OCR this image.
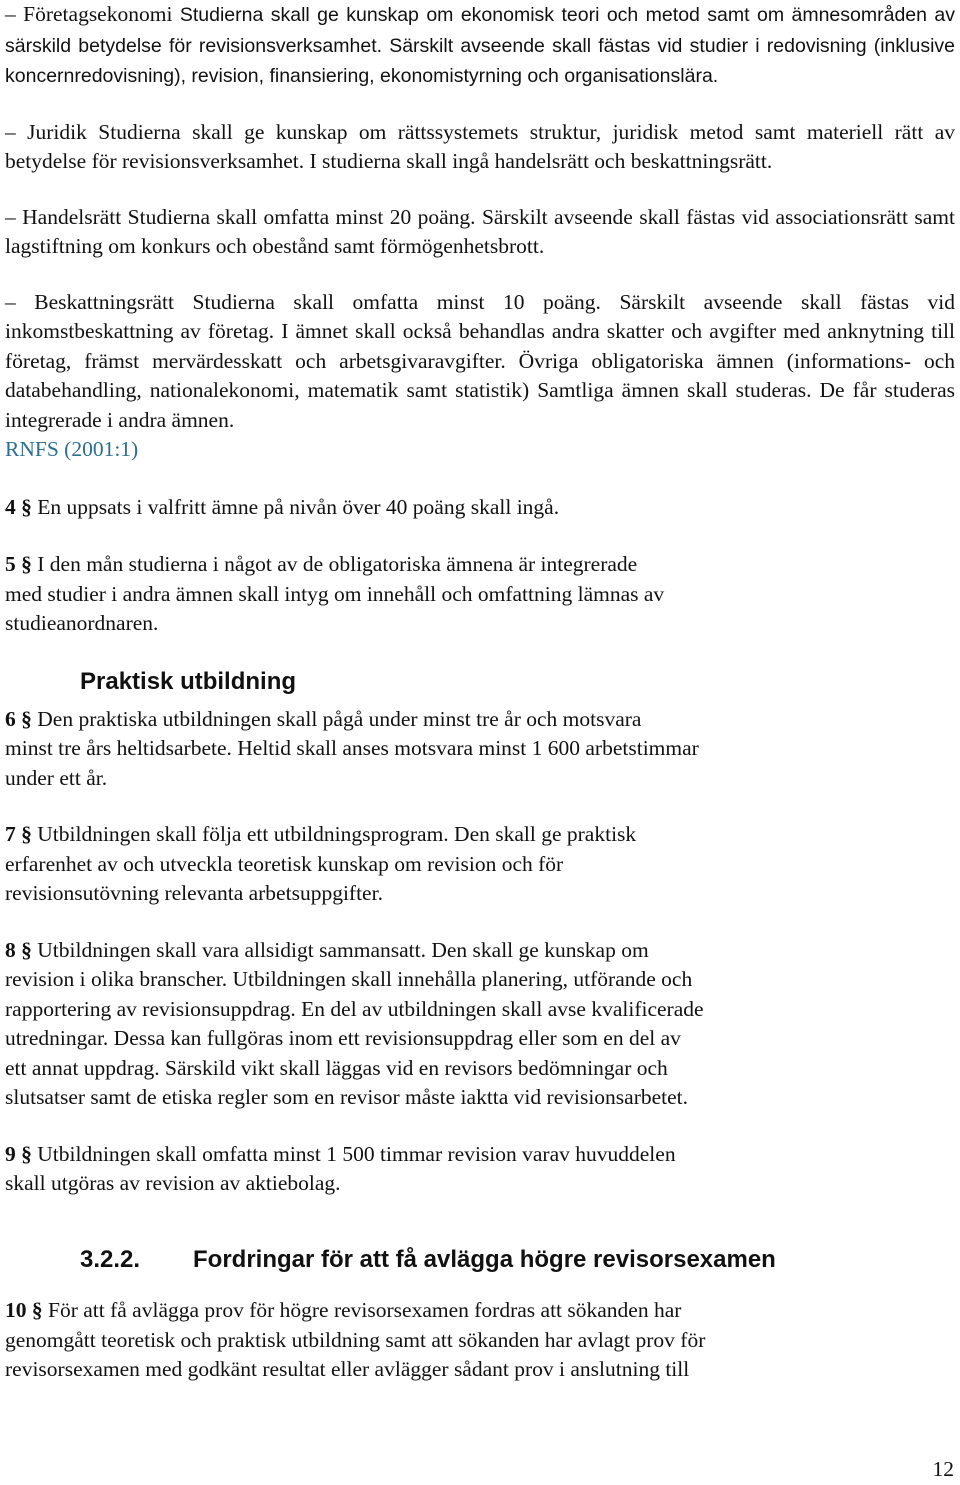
– Företagsekonomi Studierna skall ge kunskap om ekonomisk teori och metod samt om ämnesområden av särskild betydelse för revisionsverksamhet. Särskilt avseende skall fästas vid studier i redovisning (inklusive koncernredovisning), revision, finansiering, ekonomistyrning och organisationslära.

– Juridik Studierna skall ge kunskap om rättssystemets struktur, juridisk metod samt materiell rätt av betydelse för revisionsverksamhet. I studierna skall ingå handelsrätt och beskattningsrätt.

– Handelsrätt Studierna skall omfatta minst 20 poäng. Särskilt avseende skall fästas vid associationsrätt samt lagstiftning om konkurs och obestånd samt förmögenhetsbrott.

– Beskattningsrätt Studierna skall omfatta minst 10 poäng. Särskilt avseende skall fästas vid inkomstbeskattning av företag. I ämnet skall också behandlas andra skatter och avgifter med anknytning till företag, främst mervärdesskatt och arbetsgivaravgifter. Övriga obligatoriska ämnen (informations- och databehandling, nationalekonomi, matematik samt statistik) Samtliga ämnen skall studeras. De får studeras integrerade i andra ämnen.
RNFS (2001:1)

4 § En uppsats i valfritt ämne på nivån över 40 poäng skall ingå.

5 § I den mån studierna i något av de obligatoriska ämnena är integrerade
med studier i andra ämnen skall intyg om innehåll och omfattning lämnas av
studieanordnaren.

Praktisk utbildning

6 § Den praktiska utbildningen skall pågå under minst tre år och motsvara
minst tre års heltidsarbete. Heltid skall anses motsvara minst 1 600 arbetstimmar
under ett år.

7 § Utbildningen skall följa ett utbildningsprogram. Den skall ge praktisk
erfarenhet av och utveckla teoretisk kunskap om revision och för
revisionsutövning relevanta arbetsuppgifter.

8 § Utbildningen skall vara allsidigt sammansatt. Den skall ge kunskap om
revision i olika branscher. Utbildningen skall innehålla planering, utförande och
rapportering av revisionsuppdrag. En del av utbildningen skall avse kvalificerade
utredningar. Dessa kan fullgöras inom ett revisionsuppdrag eller som en del av
ett annat uppdrag. Särskild vikt skall läggas vid en revisors bedömningar och
slutsatser samt de etiska regler som en revisor måste iaktta vid revisionsarbetet.

9 § Utbildningen skall omfatta minst 1 500 timmar revision varav huvuddelen
skall utgöras av revision av aktiebolag.

3.2.2.	Fordringar för att få avlägga högre revisorsexamen

10 § För att få avlägga prov för högre revisorsexamen fordras att sökanden har
genomgått teoretisk och praktisk utbildning samt att sökanden har avlagt prov för
revisorsexamen med godkänt resultat eller avlägger sådant prov i anslutning till

12
